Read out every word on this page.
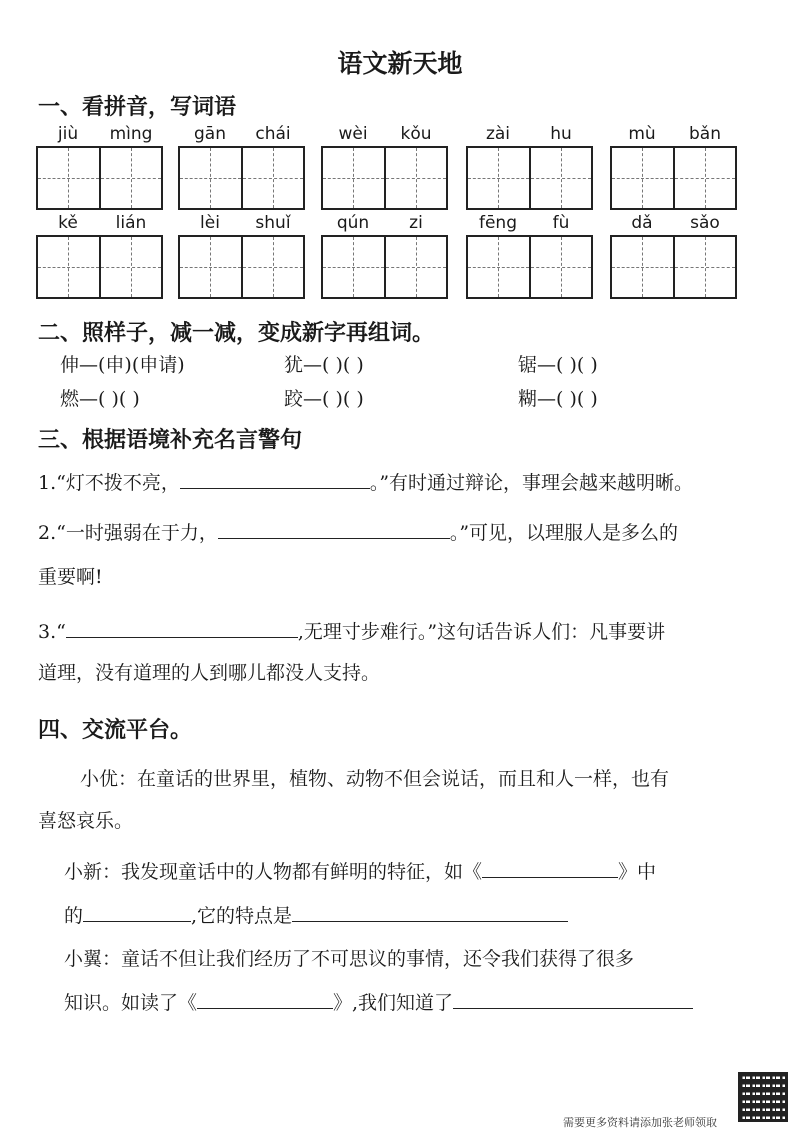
语文新天地
一、看拼音，写词语
jiù	mìng	gān	chái	wèi	kǒu	zài	hu	mù	bǎn
kě	lián	lèi	shuǐ	qún	zi	fēng	fù	dǎ	sǎo
二、照样子，减一减，变成新字再组词。
伸—(申)(申请)	犹—( )( )	锯—( )( )
燃—( )( )	跤—( )( )	糊—( )( )
三、根据语境补充名言警句
1.“灯不拨不亮，	。”有时通过辩论，事理会越来越明晰。
2.“一时强弱在于力，	。”可见，以理服人是多么的
重要啊!
3.“	,无理寸步难行。”这句话告诉人们：凡事要讲
道理，没有道理的人到哪儿都没人支持。
四、交流平台。
小优：在童话的世界里，植物、动物不但会说话，而且和人一样，也有
喜怒哀乐。
小新：我发现童话中的人物都有鲜明的特征，如《	》中
的	,它的特点是
小翼：童话不但让我们经历了不可思议的事情，还令我们获得了很多
知识。如读了《	》,我们知道了
需要更多资料请添加张老师领取
